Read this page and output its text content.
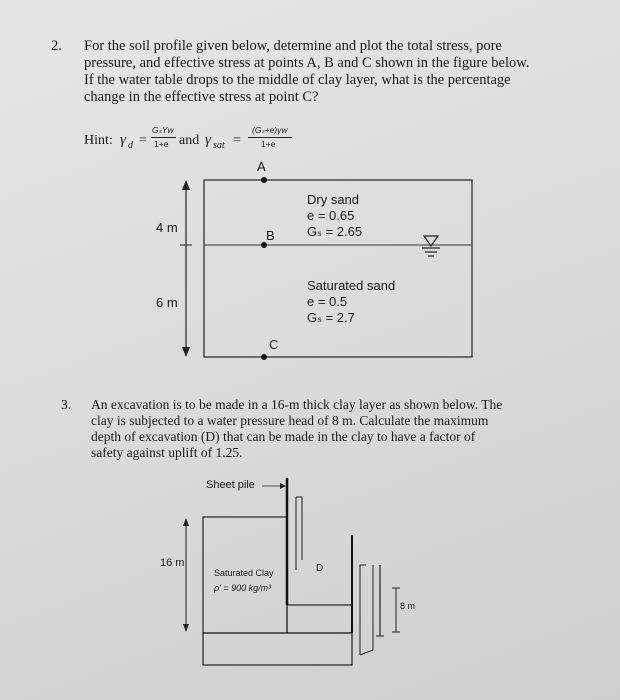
2. For the soil profile given below, determine and plot the total stress, pore
pressure, and effective stress at points A, B and C shown in the figure below.
If the water table drops to the middle of clay layer, what is the percentage
change in the effective stress at point C?
Hint: γ d =
GₛYw
1+e and γ sat =
(Gₛ+e)γw
1+e
A
B
C
4 m
6 m
Dry sand
e = 0.65
Gₛ = 2.65
Saturated sand
e = 0.5
Gₛ = 2.7
3. An excavation is to be made in a 16-m thick clay layer as shown below. The
clay is subjected to a water pressure head of 8 m. Calculate the maximum
depth of excavation (D) that can be made in the clay to have a factor of
safety against uplift of 1.25.
Sheet pile
16 m
Saturated Clay
ρ' = 900 kg/m³
D
8 m
